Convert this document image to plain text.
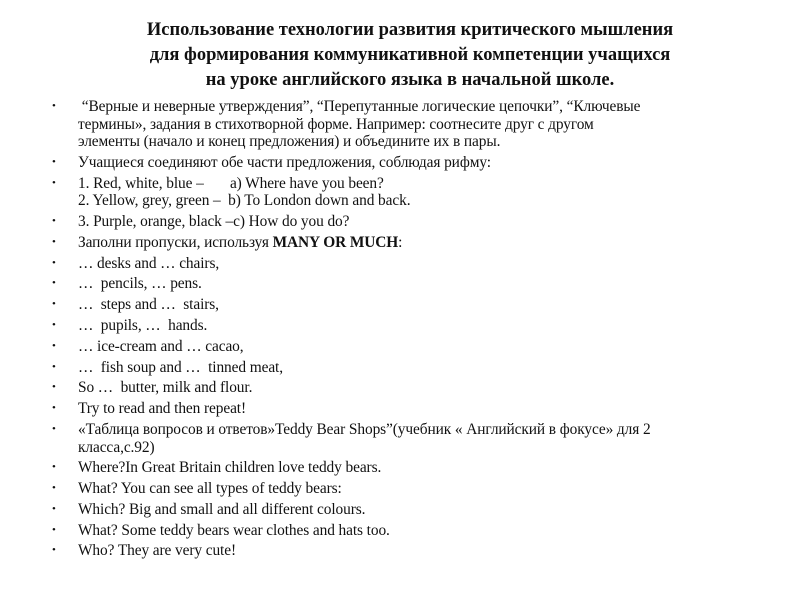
Использование технологии развития критического мышления
для формирования коммуникативной компетенции учащихся
на уроке английского языка в начальной школе.
• “Верные и неверные утверждения”, “Перепутанные логические цепочки”, “Ключевые
термины», задания в стихотворной форме. Например: соотнесите друг с другом
элементы (начало и конец предложения) и объедините их в пары.
• Учащиеся соединяют обе части предложения, соблюдая рифму:
• 1. Red, white, blue –       a) Where have you been?
2. Yellow, grey, green –  b) To London down and back.
• 3. Purple, orange, black –c) How do you do?
• Заполни пропуски, используя MANY OR MUCH:
• … desks and … chairs,
• …  pencils, … pens.
• …  steps and …  stairs,
• …  pupils, …  hands.
• … ice-cream and … cacao,
• …  fish soup and …  tinned meat,
• So …  butter, milk and flour.
• Try to read and then repeat!
• «Таблица вопросов и ответов»Teddy Bear Shops”(учебник « Английский в фокусе» для 2
класса,с.92)
• Where?In Great Britain children love teddy bears.
• What? You can see all types of teddy bears:
• Which? Big and small and all different colours.
• What? Some teddy bears wear clothes and hats too.
• Who? They are very cute!
